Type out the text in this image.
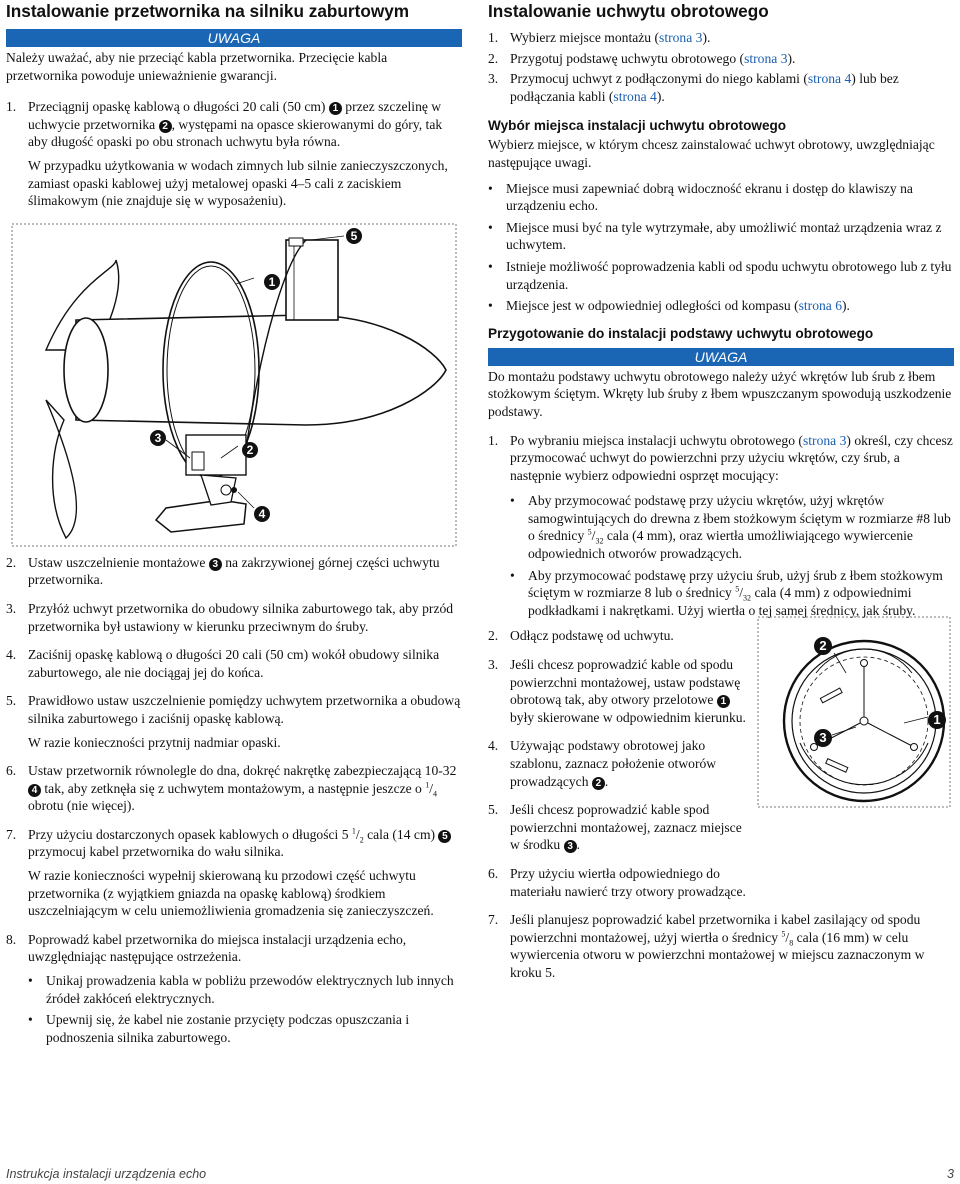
Instalowanie przetwornika na silniku zaburtowym
UWAGA

Należy uważać, aby nie przeciąć kabla przetwornika. Przecięcie kabla przetwornika powoduje unieważnienie gwarancji.

1. Przeciągnij opaskę kablową o długości 20 cali (50 cm) 1 przez szczelinę w uchwycie przetwornika 2 , występami na opasce skierowanymi do góry, tak aby długość opaski po obu stronach uchwytu była równa.

W przypadku użytkowania w wodach zimnych lub silnie zanieczyszczonych, zamiast opaski kablowej użyj metalowej opaski 4–5 cali z zaciskiem ślimakowym (nie znajduje się w wyposażeniu).

1
2
3
4
5
2. Ustaw uszczelnienie montażowe 3 na zakrzywionej górnej części uchwytu przetwornika.
3. Przyłóż uchwyt przetwornika do obudowy silnika zaburtowego tak, aby przód przetwornika był ustawiony w kierunku przeciwnym do śruby.
4. Zaciśnij opaskę kablową o długości 20 cali (50 cm) wokół obudowy silnika zaburtowego, ale nie dociągaj jej do końca.
5. Prawidłowo ustaw uszczelnienie pomiędzy uchwytem przetwornika a obudową silnika zaburtowego i zaciśnij opaskę kablową.

W razie konieczności przytnij nadmiar opaski.

6. Ustaw przetwornik równolegle do dna, dokręć nakrętkę zabezpieczającą 10-32 4 tak, aby zetknęła się z uchwytem montażowym, a następnie jeszcze o $^1/_4$ obrotu (nie więcej).
7. Przy użyciu dostarczonych opasek kablowych o długości 5 $^1/_2$ cala (14 cm) 5 przymocuj kabel przetwornika do wału silnika.

W razie konieczności wypełnij skierowaną ku przodowi część uchwytu przetwornika (z wyjątkiem gniazda na opaskę kablową) środkiem uszczelniającym w celu uniemożliwienia gromadzenia się zanieczyszczeń.

8. Poprowadź kabel przetwornika do miejsca instalacji urządzenia echo, uwzględniając następujące ostrzeżenia.
• Unikaj prowadzenia kabla w pobliżu przewodów elektrycznych lub innych źródeł zakłóceń elektrycznych.
• Upewnij się, że kabel nie zostanie przycięty podczas opuszczania i podnoszenia silnika zaburtowego.
Instalowanie uchwytu obrotowego
1. Wybierz miejsce montażu (strona 3).
2. Przygotuj podstawę uchwytu obrotowego (strona 3).
3. Przymocuj uchwyt z podłączonymi do niego kablami (strona 4) lub bez podłączania kabli (strona 4).
Wybór miejsca instalacji uchwytu obrotowego

Wybierz miejsce, w którym chcesz zainstalować uchwyt obrotowy, uwzględniając następujące uwagi.

• Miejsce musi zapewniać dobrą widoczność ekranu i dostęp do klawiszy na urządzeniu echo.
• Miejsce musi być na tyle wytrzymałe, aby umożliwić montaż urządzenia wraz z uchwytem.
• Istnieje możliwość poprowadzenia kabli od spodu uchwytu obrotowego lub z tyłu urządzenia.
• Miejsce jest w odpowiedniej odległości od kompasu (strona 6).
Przygotowanie do instalacji podstawy uchwytu obrotowego
UWAGA

Do montażu podstawy uchwytu obrotowego należy użyć wkrętów lub śrub z łbem stożkowym ściętym. Wkręty lub śruby z łbem wpuszczanym spowodują uszkodzenie podstawy.

1. Po wybraniu miejsca instalacji uchwytu obrotowego (strona 3) określ, czy chcesz przymocować uchwyt do powierzchni przy użyciu wkrętów, czy śrub, a następnie wybierz odpowiedni osprzęt mocujący:
• Aby przymocować podstawę przy użyciu wkrętów, użyj wkrętów samogwintujących do drewna z łbem stożkowym ściętym w rozmiarze #8 lub o średnicy $^5/_{32}$ cala (4 mm), oraz wiertła umożliwiającego wywiercenie odpowiednich otworów prowadzących.
• Aby przymocować podstawę przy użyciu śrub, użyj śrub z łbem stożkowym ściętym w rozmiarze 8 lub o średnicy $^5/_{32}$ cala (4 mm) z odpowiednimi podkładkami i nakrętkami. Użyj wiertła o tej samej średnicy, jak śruby.
2. Odłącz podstawę od uchwytu.
3. Jeśli chcesz poprowadzić kable od spodu powierzchni montażowej, ustaw podstawę obrotową tak, aby otwory przelotowe 1 były skierowane w odpowiednim kierunku.
4. Używając podstawy obrotowej jako szablonu, zaznacz położenie otworów prowadzących 2 .
5. Jeśli chcesz poprowadzić kable spod powierzchni montażowej, zaznacz miejsce w środku 3 .
6. Przy użyciu wiertła odpowiedniego do materiału nawierć trzy otwory prowadzące.
2
1
3
7. Jeśli planujesz poprowadzić kabel przetwornika i kabel zasilający od spodu powierzchni montażowej, użyj wiertła o średnicy $^5/_8$ cala (16 mm) w celu wywiercenia otworu w powierzchni montażowej w miejscu zaznaczonym w kroku 5.
Instrukcja instalacji urządzenia echo	3
